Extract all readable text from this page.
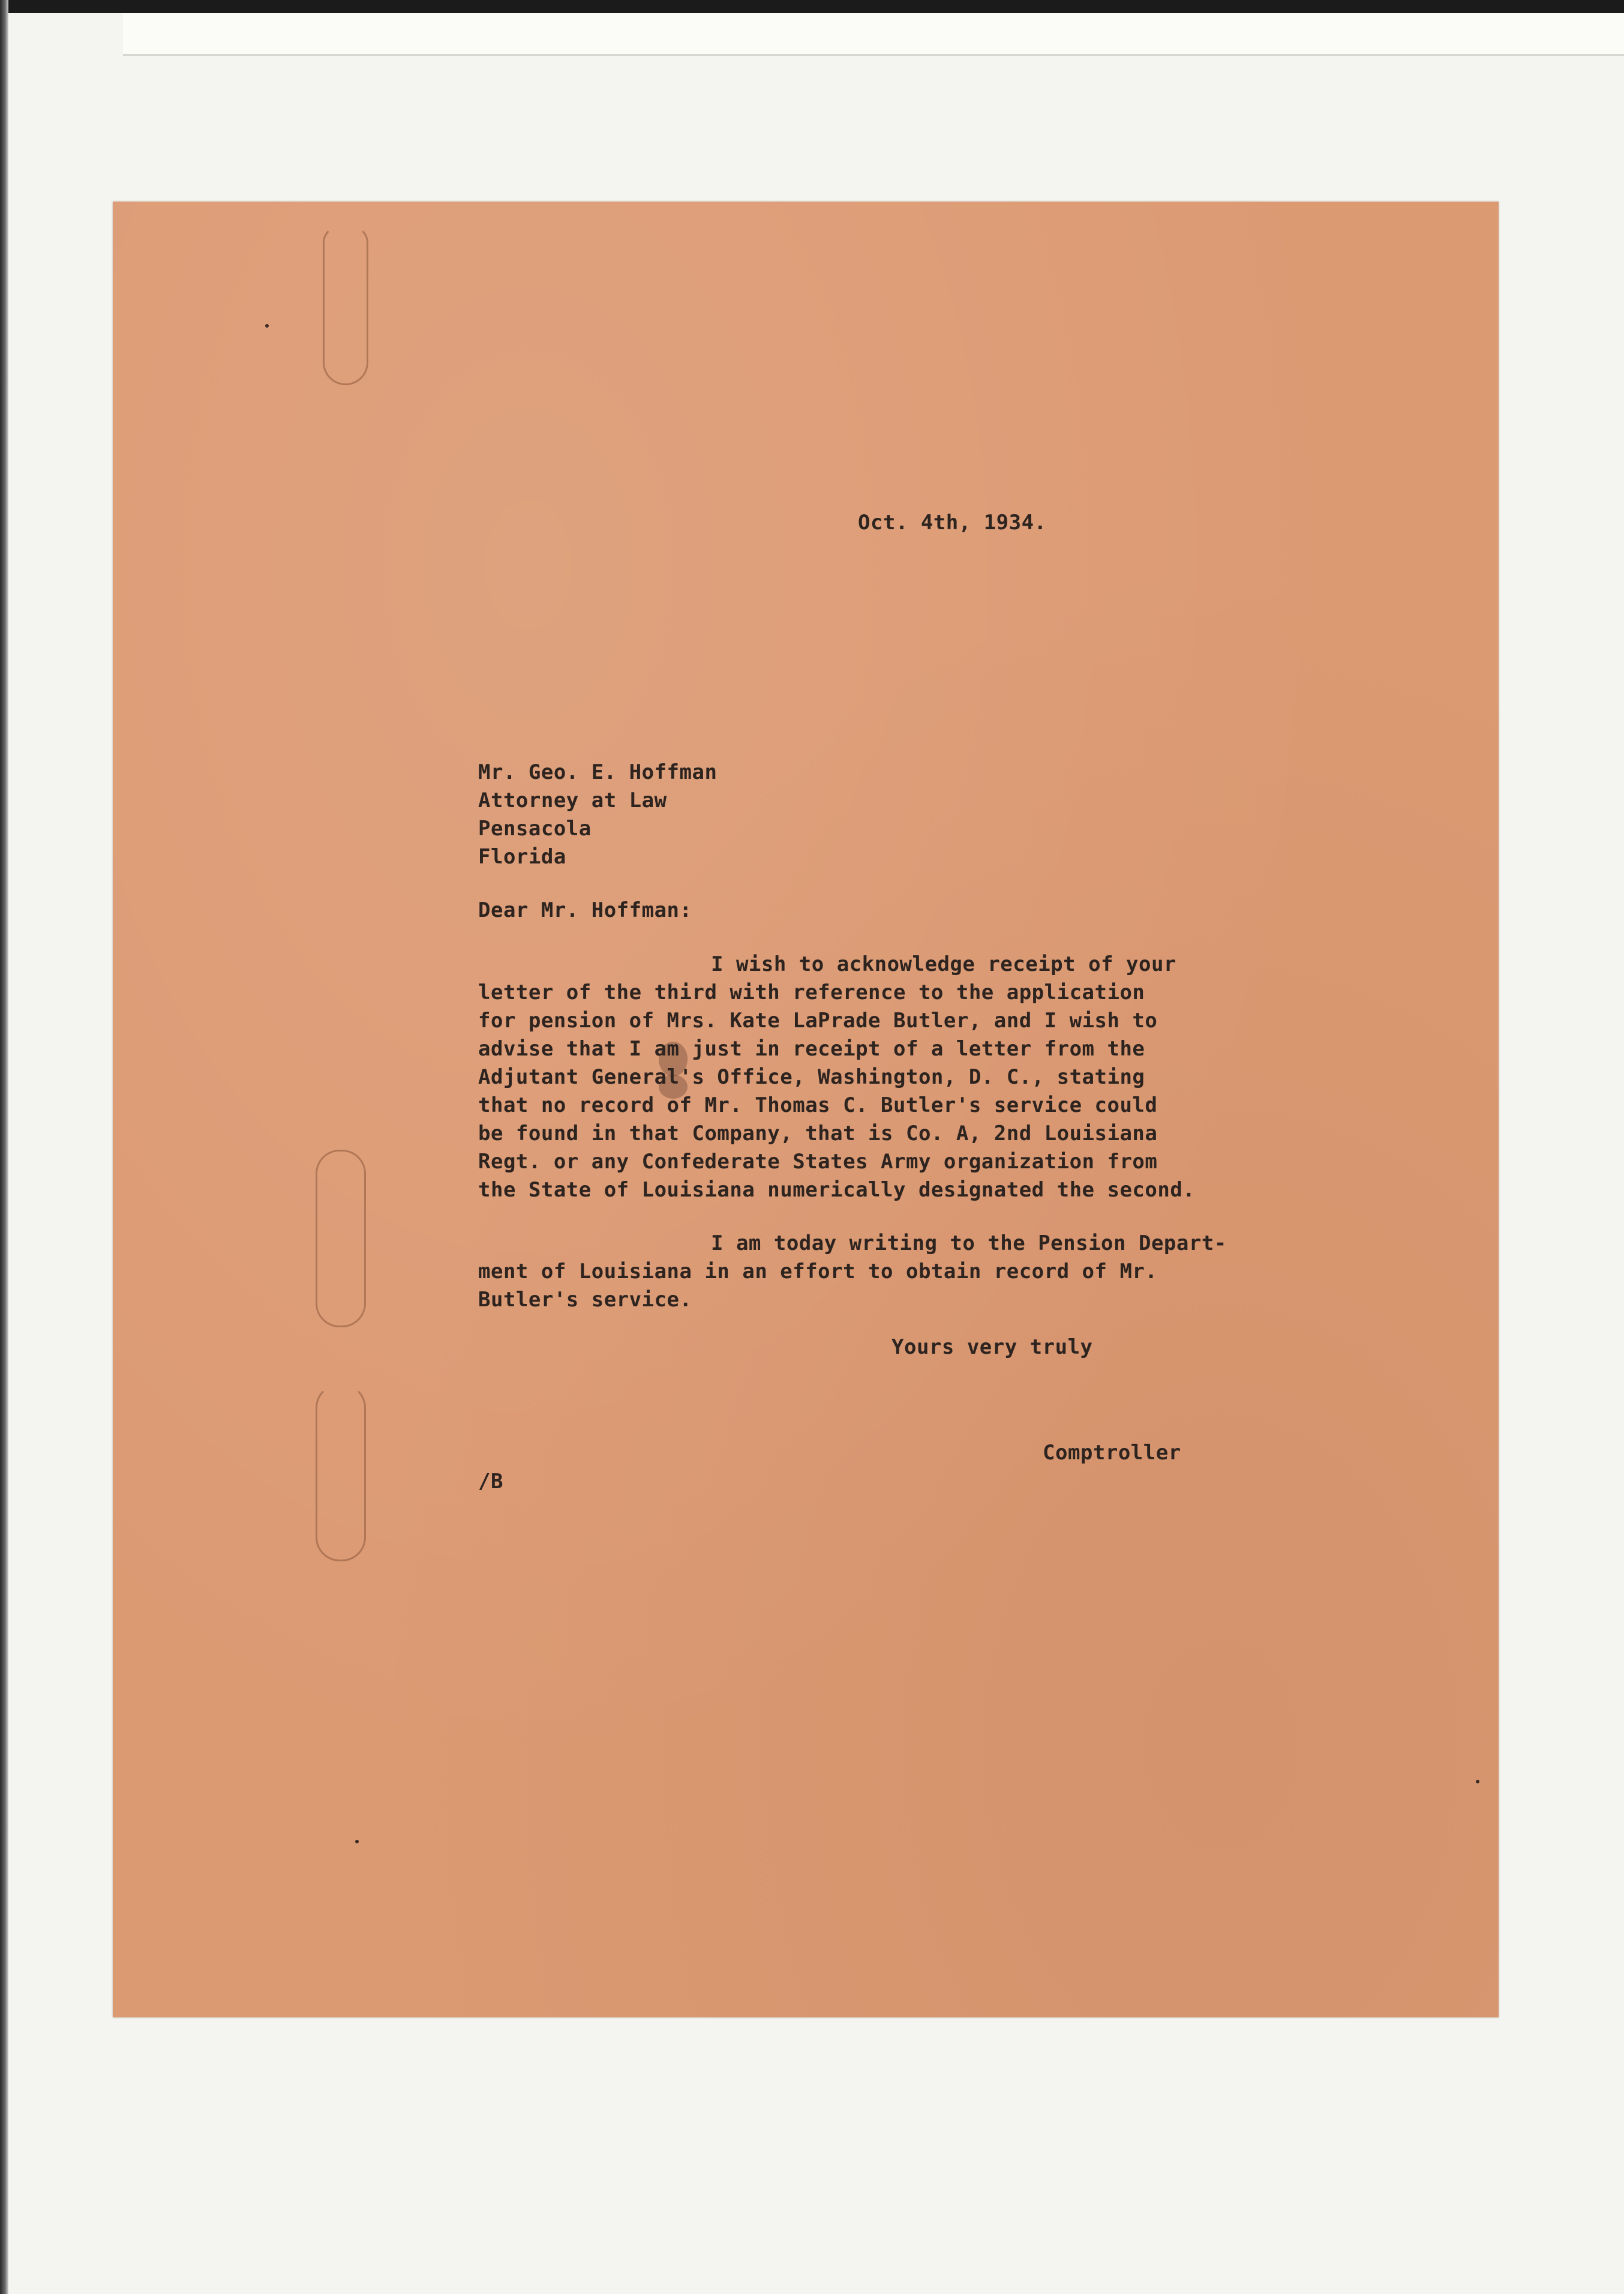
Oct. 4th, 1934.
Mr. Geo. E. Hoffman
Attorney at Law
Pensacola
Florida
Dear Mr. Hoffman:
I wish to acknowledge receipt of your
letter of the third with reference to the application
for pension of Mrs. Kate LaPrade Butler, and I wish to
advise that I am just in receipt of a letter from the
Adjutant General's Office, Washington, D. C., stating
that no record of Mr. Thomas C. Butler's service could
be found in that Company, that is Co. A, 2nd Louisiana
Regt. or any Confederate States Army organization from
the State of Louisiana numerically designated the second.
I am today writing to the Pension Depart-
ment of Louisiana in an effort to obtain record of Mr.
Butler's service.
Yours very truly
Comptroller
/B
